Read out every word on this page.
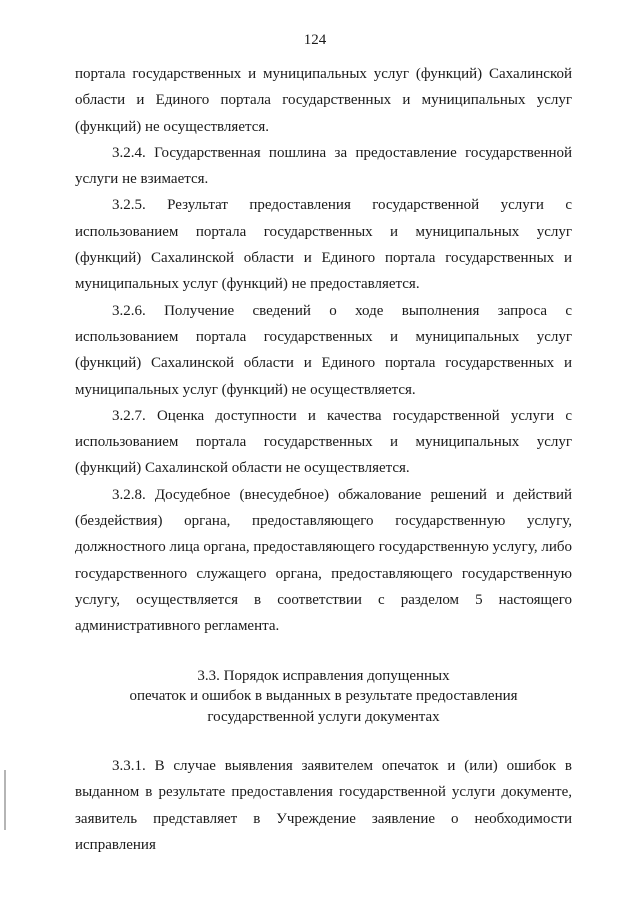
124

портала государственных и муниципальных услуг (функций) Сахалинской области и Единого портала государственных и муниципальных услуг (функций) не осуществляется.

3.2.4. Государственная пошлина за предоставление государственной услуги не взимается.

3.2.5. Результат предоставления государственной услуги с использованием портала государственных и муниципальных услуг (функций) Сахалинской области и Единого портала государственных и муниципальных услуг (функций) не предоставляется.

3.2.6. Получение сведений о ходе выполнения запроса с использованием портала государственных и муниципальных услуг (функций) Сахалинской области и Единого портала государственных и муниципальных услуг (функций) не осуществляется.

3.2.7. Оценка доступности и качества государственной услуги с использованием портала государственных и муниципальных услуг (функций) Сахалинской области не осуществляется.

3.2.8. Досудебное (внесудебное) обжалование решений и действий (бездействия) органа, предоставляющего государственную услугу, должностного лица органа, предоставляющего государственную услугу, либо государственного служащего органа, предоставляющего государственную услугу, осуществляется в соответствии с разделом 5 настоящего административного регламента.

3.3. Порядок исправления допущенных
опечаток и ошибок в выданных в результате предоставления
государственной услуги документах

3.3.1. В случае выявления заявителем опечаток и (или) ошибок в выданном в результате предоставления государственной услуги документе, заявитель представляет в Учреждение заявление о необходимости исправления
